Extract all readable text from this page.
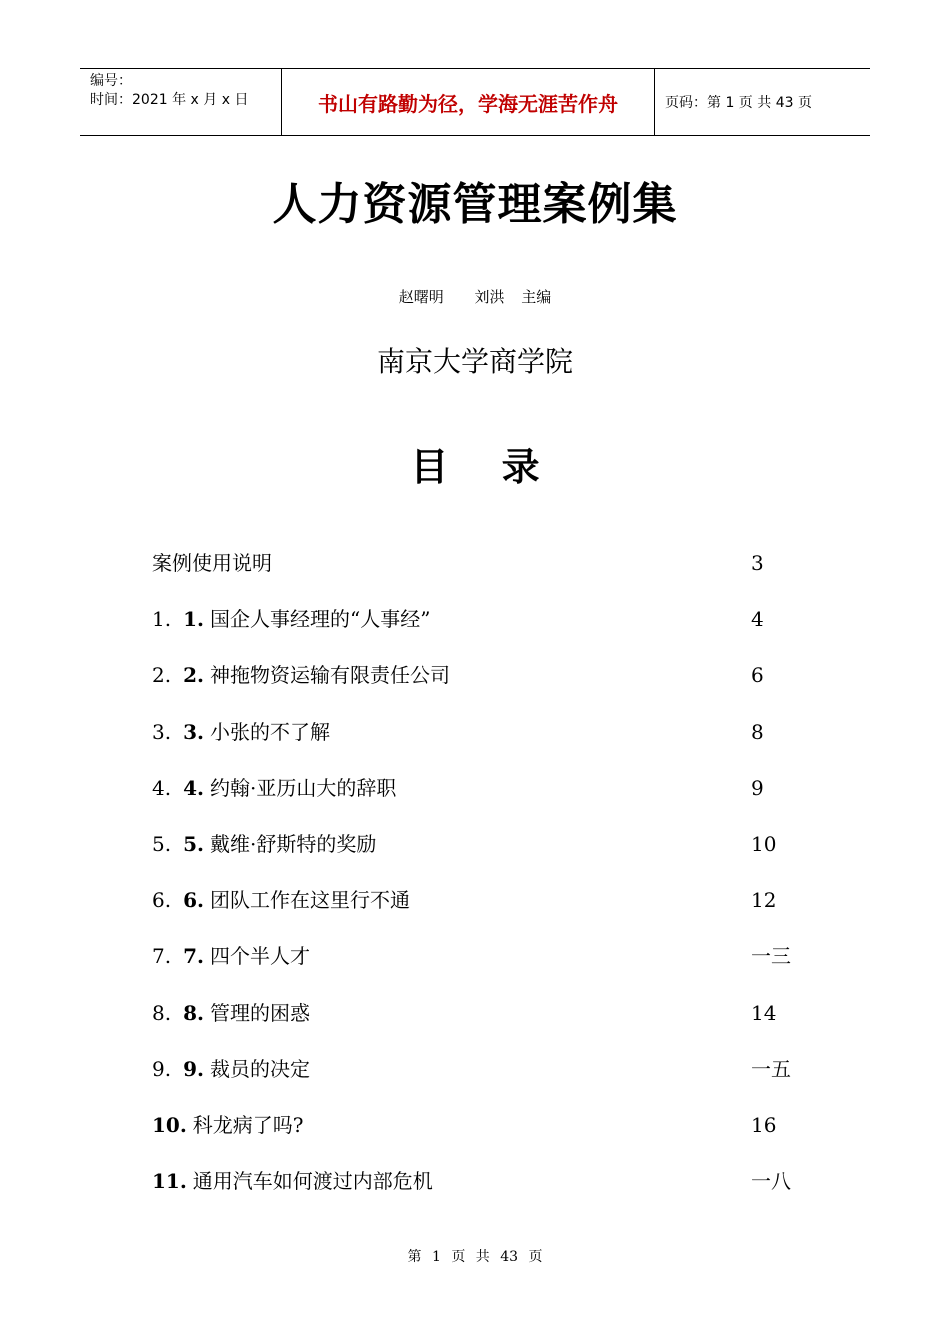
编号：
时间：2021 年 x 月 x 日	书山有路勤为径，学海无涯苦作舟	页码：第 1 页 共 43 页
人力资源管理案例集
赵曙明 刘洪 主编
南京大学商学院
目 录
案例使用说明	3
1. 1. 国企人事经理的“人事经”	4
2. 2. 神拖物资运输有限责任公司	6
3. 3. 小张的不了解	8
4. 4. 约翰·亚历山大的辞职	9
5. 5. 戴维·舒斯特的奖励	10
6. 6. 团队工作在这里行不通	12
7. 7. 四个半人才	一三
8. 8. 管理的困惑	14
9. 9. 裁员的决定	一五
10. 科龙病了吗?	16
11. 通用汽车如何渡过内部危机	一八
第 1 页 共 43 页
